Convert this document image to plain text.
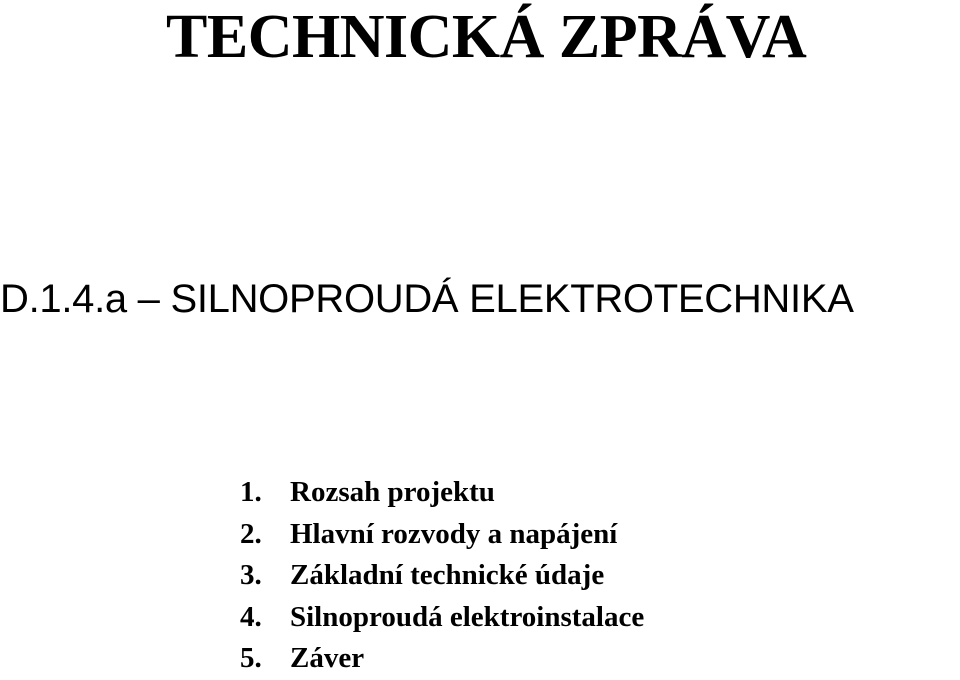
TECHNICKÁ ZPRÁVA
D.1.4.a – SILNOPROUDÁ ELEKTROTECHNIKA
1. Rozsah projektu
2. Hlavní rozvody a napájení
3. Základní technické údaje
4. Silnoproudá elektroinstalace
5. Záver
